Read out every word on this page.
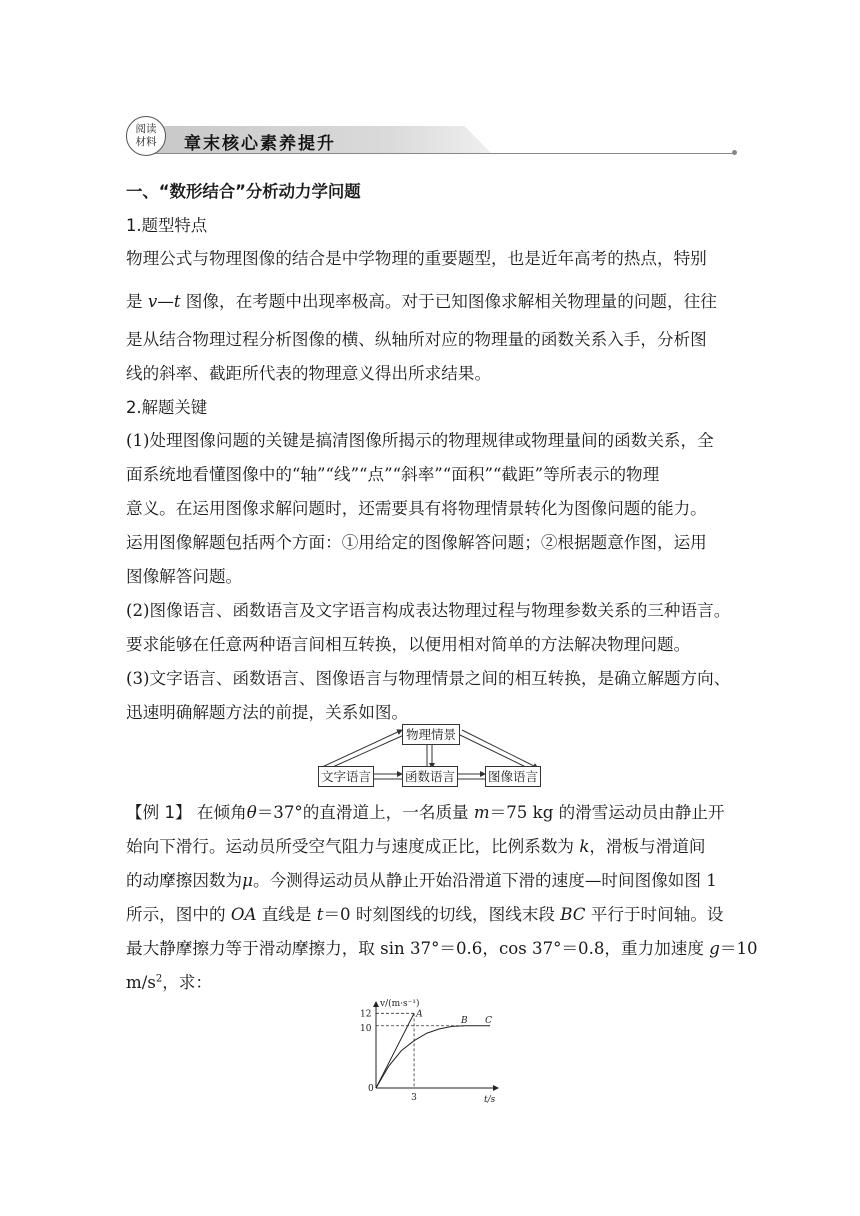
阅读
材料 章末核心素养提升
一、“数形结合”分析动力学问题
1.题型特点
物理公式与物理图像的结合是中学物理的重要题型，也是近年高考的热点，特别
是 v—t 图像，在考题中出现率极高。对于已知图像求解相关物理量的问题，往往
是从结合物理过程分析图像的横、纵轴所对应的物理量的函数关系入手，分析图
线的斜率、截距所代表的物理意义得出所求结果。
2.解题关键
(1)处理图像问题的关键是搞清图像所揭示的物理规律或物理量间的函数关系，全
面系统地看懂图像中的“轴”“线”“点”“斜率”“面积”“截距”等所表示的物理
意义。在运用图像求解问题时，还需要具有将物理情景转化为图像问题的能力。
运用图像解题包括两个方面：①用给定的图像解答问题；②根据题意作图，运用
图像解答问题。
(2)图像语言、函数语言及文字语言构成表达物理过程与物理参数关系的三种语言。
要求能够在任意两种语言间相互转换，以便用相对简单的方法解决物理问题。
(3)文字语言、函数语言、图像语言与物理情景之间的相互转换，是确立解题方向、
迅速明确解题方法的前提，关系如图。
物理情景
文字语言	函数语言	图像语言
【例 1】 在倾角θ＝37°的直滑道上，一名质量 m＝75 kg 的滑雪运动员由静止开
始向下滑行。运动员所受空气阻力与速度成正比，比例系数为 k，滑板与滑道间
的动摩擦因数为μ。今测得运动员从静止开始沿滑道下滑的速度—时间图像如图 1
所示，图中的 OA 直线是 t＝0 时刻图线的切线，图线末段 BC 平行于时间轴。设
最大静摩擦力等于滑动摩擦力，取 sin 37°＝0.6，cos 37°＝0.8，重力加速度 g＝10
$m/s^2$，求：
v/(m·s⁻¹)
t/s
0
12
10
3
A
B C
